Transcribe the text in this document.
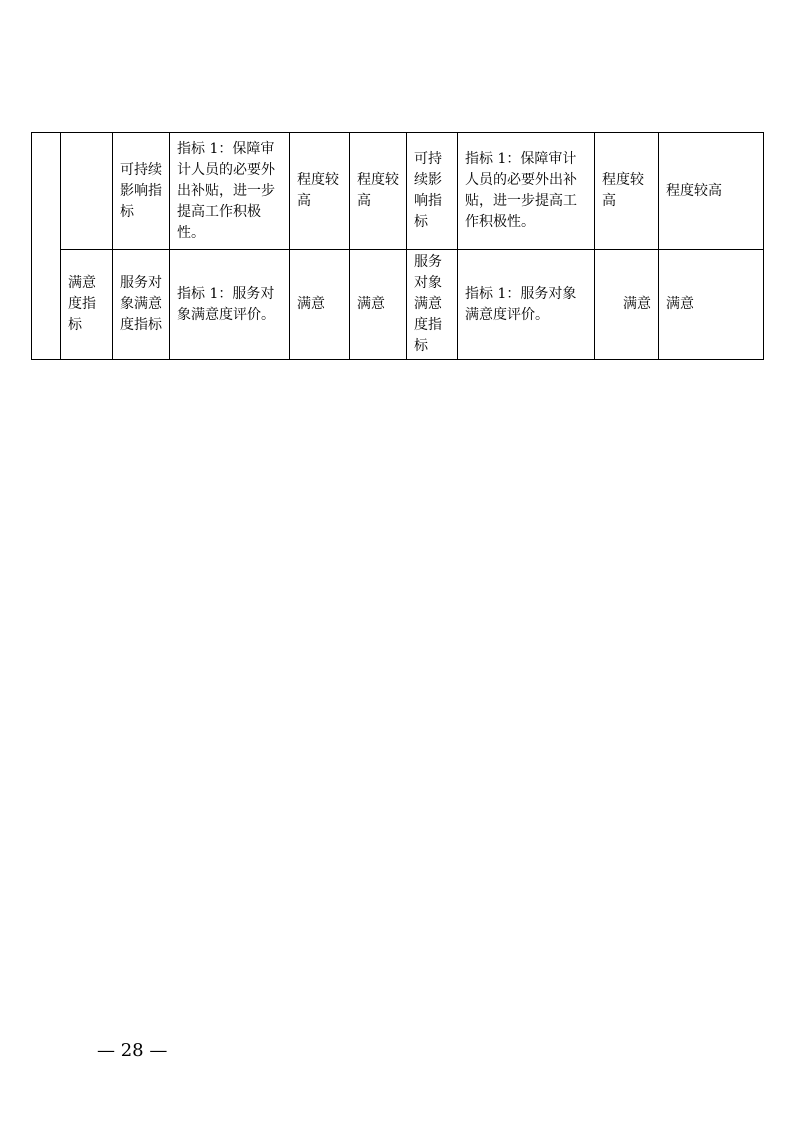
		可持续影响指标	指标 1：保障审计人员的必要外出补贴，进一步提高工作积极性。	程度较高	程度较高	可持续影响指标	指标 1：保障审计人员的必要外出补贴，进一步提高工作积极性。	程度较高	程度较高
	满意度指标	服务对象满意度指标	指标 1：服务对象满意度评价。	满意	满意	服务对象满意度指标	指标 1：服务对象满意度评价。	满意	满意
— 28 —
